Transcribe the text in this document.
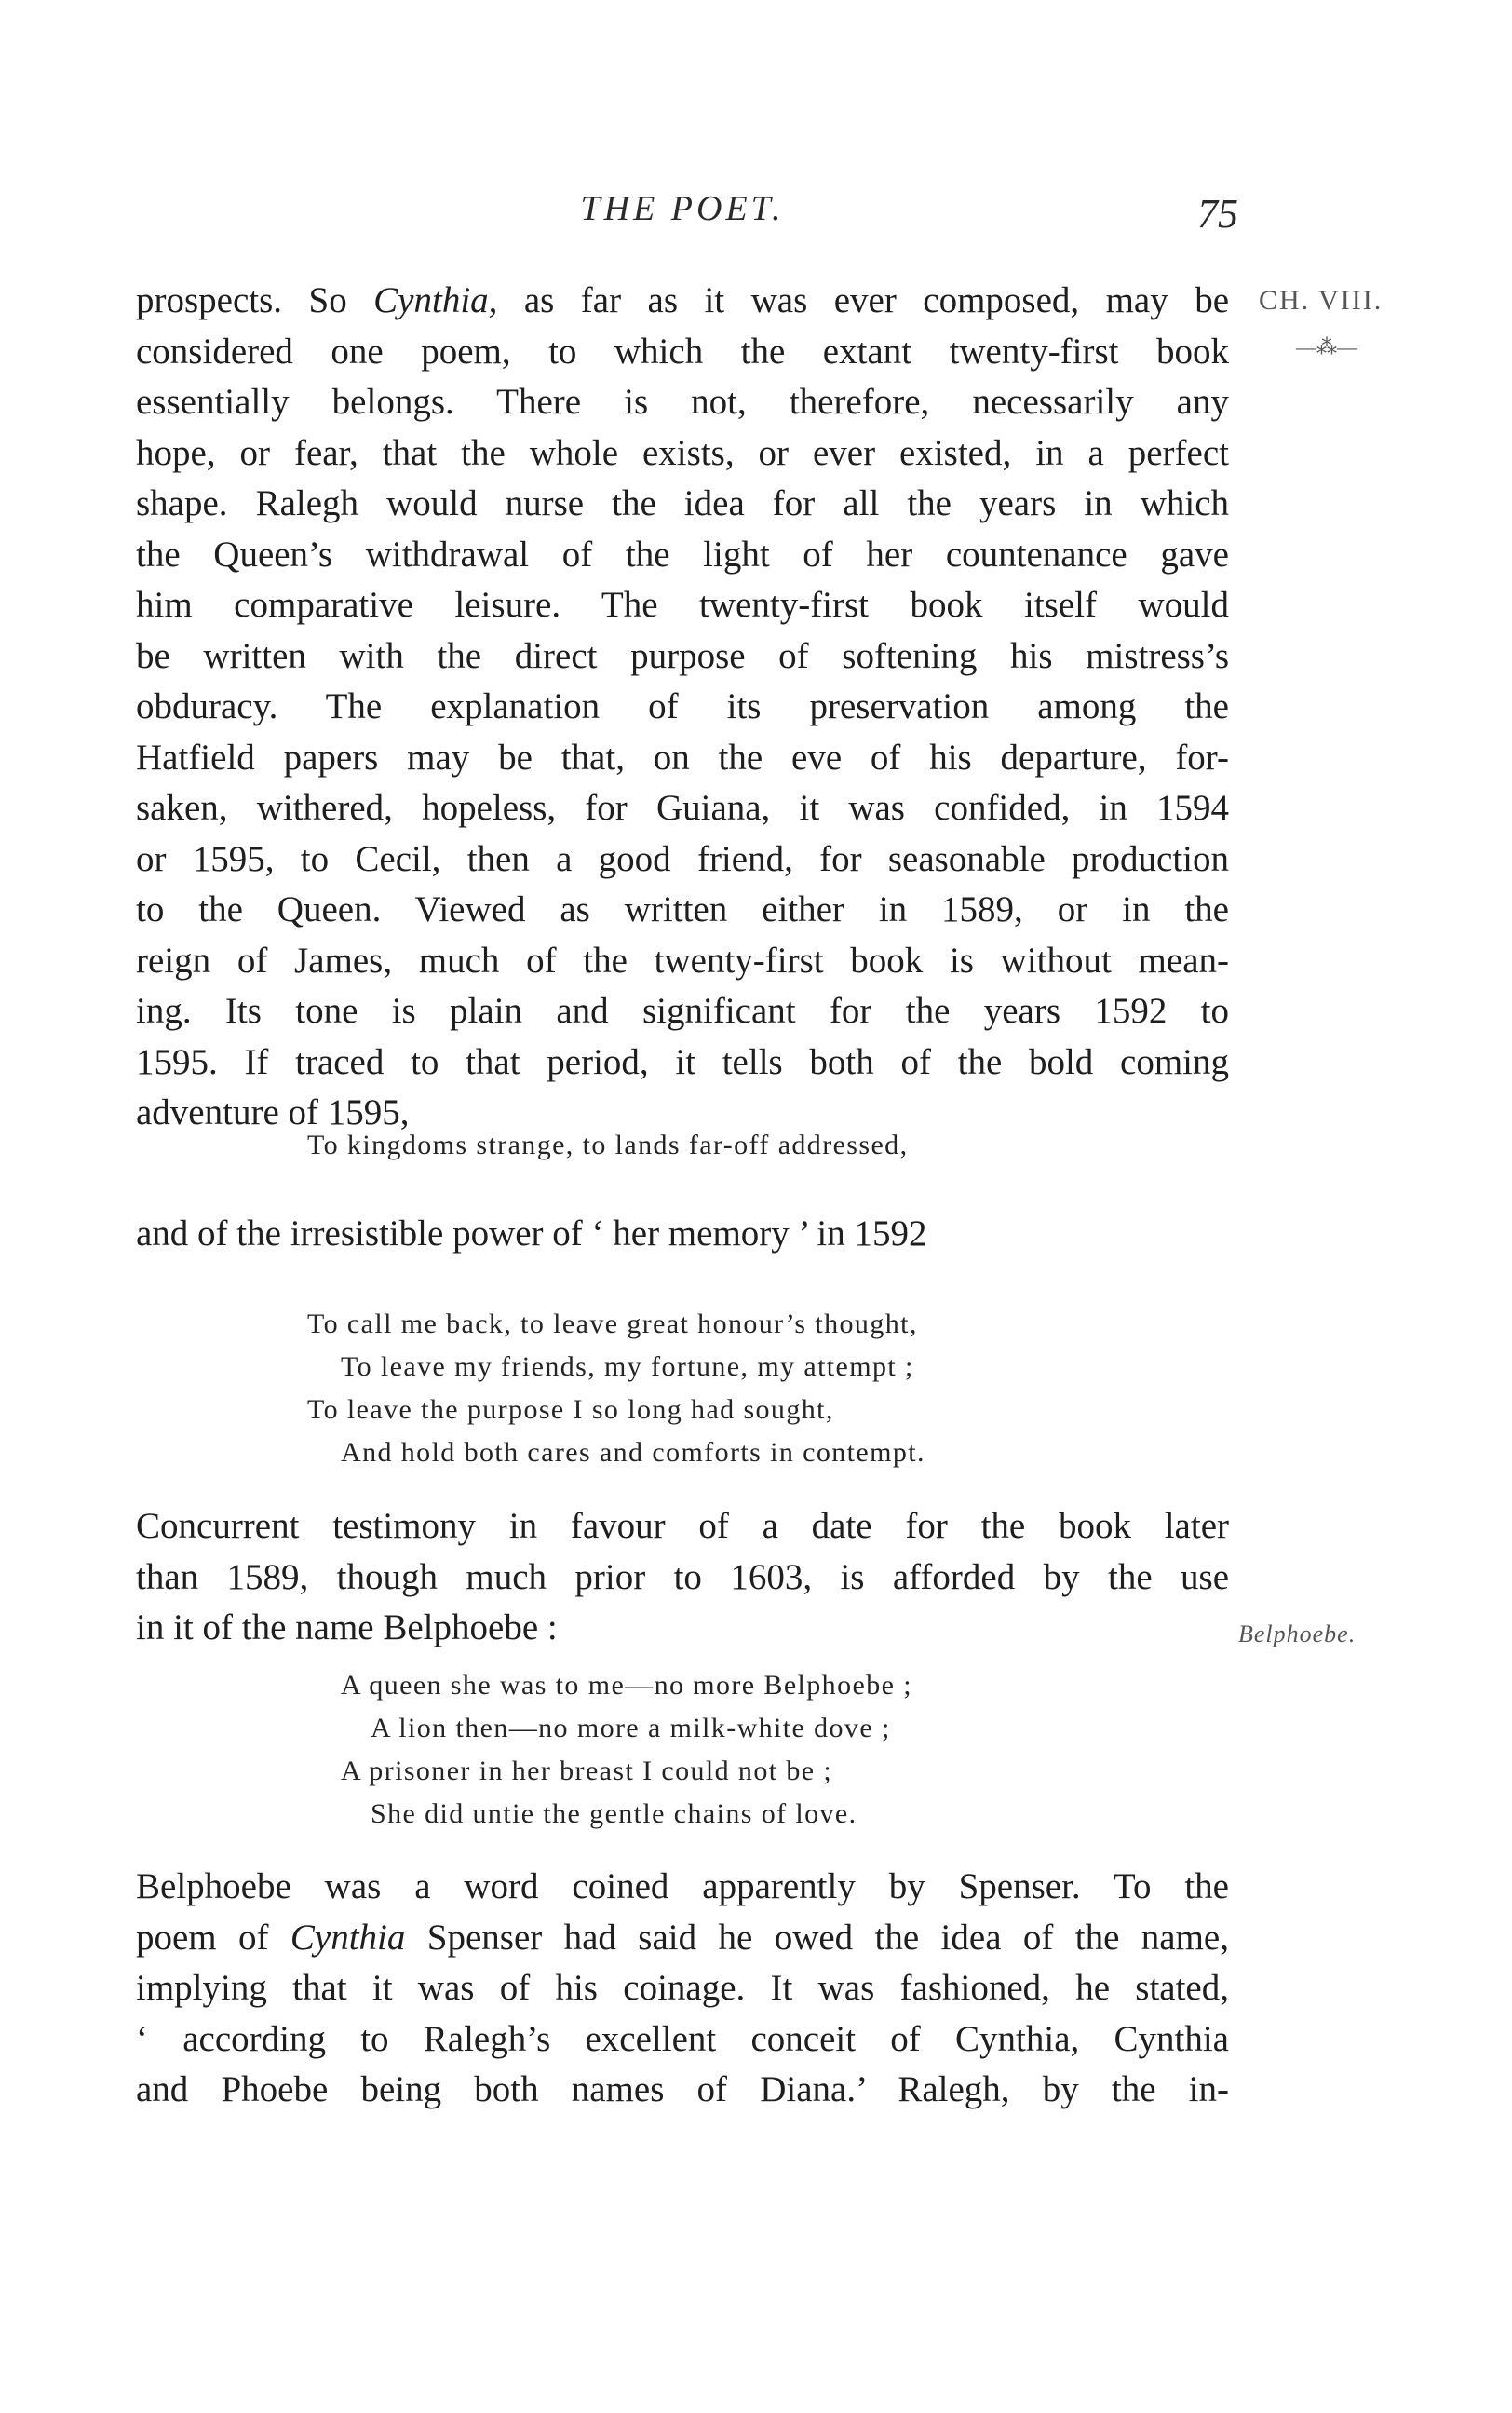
THE POET.	75
CH. VIII.
—⁂—
Belphoebe.
prospects. So Cynthia, as far as it was ever composed, may be
considered one poem, to which the extant twenty-first book
essentially belongs. There is not, therefore, necessarily any
hope, or fear, that the whole exists, or ever existed, in a perfect
shape. Ralegh would nurse the idea for all the years in which
the Queen’s withdrawal of the light of her countenance gave
him comparative leisure. The twenty-first book itself would
be written with the direct purpose of softening his mistress’s
obduracy. The explanation of its preservation among the
Hatfield papers may be that, on the eve of his departure, for-
saken, withered, hopeless, for Guiana, it was confided, in 1594
or 1595, to Cecil, then a good friend, for seasonable production
to the Queen. Viewed as written either in 1589, or in the
reign of James, much of the twenty-first book is without mean-
ing. Its tone is plain and significant for the years 1592 to
1595. If traced to that period, it tells both of the bold coming
adventure of 1595,
To kingdoms strange, to lands far-off addressed,
and of the irresistible power of ‘ her memory ’ in 1592
To call me back, to leave great honour’s thought,
To leave my friends, my fortune, my attempt ;
To leave the purpose I so long had sought,
And hold both cares and comforts in contempt.
Concurrent testimony in favour of a date for the book later
than 1589, though much prior to 1603, is afforded by the use
in it of the name Belphoebe :
A queen she was to me—no more Belphoebe ;
A lion then—no more a milk-white dove ;
A prisoner in her breast I could not be ;
She did untie the gentle chains of love.
Belphoebe was a word coined apparently by Spenser. To the
poem of Cynthia Spenser had said he owed the idea of the name,
implying that it was of his coinage. It was fashioned, he stated,
‘ according to Ralegh’s excellent conceit of Cynthia, Cynthia
and Phoebe being both names of Diana.’ Ralegh, by the in-
